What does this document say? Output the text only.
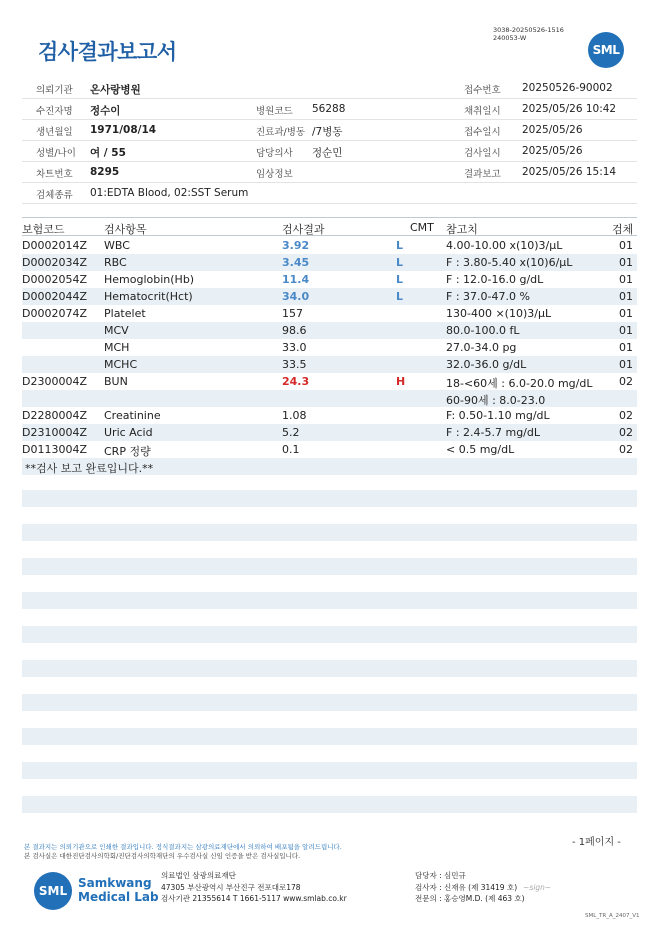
3038-20250526-1516
240053-W
검사결과보고서	SML
의뢰기관 온사랑병원	접수번호 20250526-90002
수진자명 정수이	병원코드 56288	채취일시 2025/05/26 10:42
생년월일 1971/08/14	진료과/병동 /7병동	접수일시 2025/05/26
성별/나이 여 / 55	담당의사 정순민	검사일시 2025/05/26
차트번호 8295	임상정보	결과보고 2025/05/26 15:14
검체종류 01:EDTA Blood, 02:SST Serum
보험코드	검사항목	검사결과	CMT 참고치	검체
D0002014Z WBC	3.92	L	4.00-10.00 x(10)3/μL	01
D0002034Z RBC	3.45	L	F : 3.80-5.40 x(10)6/μL	01
D0002054Z Hemoglobin(Hb)	11.4	L	F : 12.0-16.0 g/dL	01
D0002044Z Hematocrit(Hct)	34.0	L	F : 37.0-47.0 %	01
D0002074Z Platelet	157	130-400 ×(10)3/μL	01
MCV	98.6	80.0-100.0 fL	01
MCH	33.0	27.0-34.0 pg	01
MCHC	33.5	32.0-36.0 g/dL	01
D2300004Z BUN	24.3	H	18-<60세 : 6.0-20.0 mg/dL 02
60-90세 : 8.0-23.0
D2280004Z Creatinine	1.08	F: 0.50-1.10 mg/dL	02
D2310004Z Uric Acid	5.2	F : 2.4-5.7 mg/dL	02
D0113004Z CRP 정량	0.1	< 0.5 mg/dL	02
**검사 보고 완료입니다.**
- 1페이지 -
본 결과지는 의뢰기관으로 인쇄한 결과입니다. 정식결과지는 삼광의료재단에서 의뢰하여 배포됨을 알려드립니다.
본 검사실은 대한진단검사의학회/진단검사의학재단의 우수검사실 신임 인증을 받은 검사실입니다.
SML
Samkwang
Medical Lab
의료법인 삼광의료재단
47305 부산광역시 부산진구 전포대로178
검사기관 21355614 T 1661-5117 www.smlab.co.kr
담당자 : 심민규
검사자 : 신재유 (제 31419 호) ~sign~
전문의 : 홍승영M.D. (제 463 호)
SML_TR_A_2407_V1
